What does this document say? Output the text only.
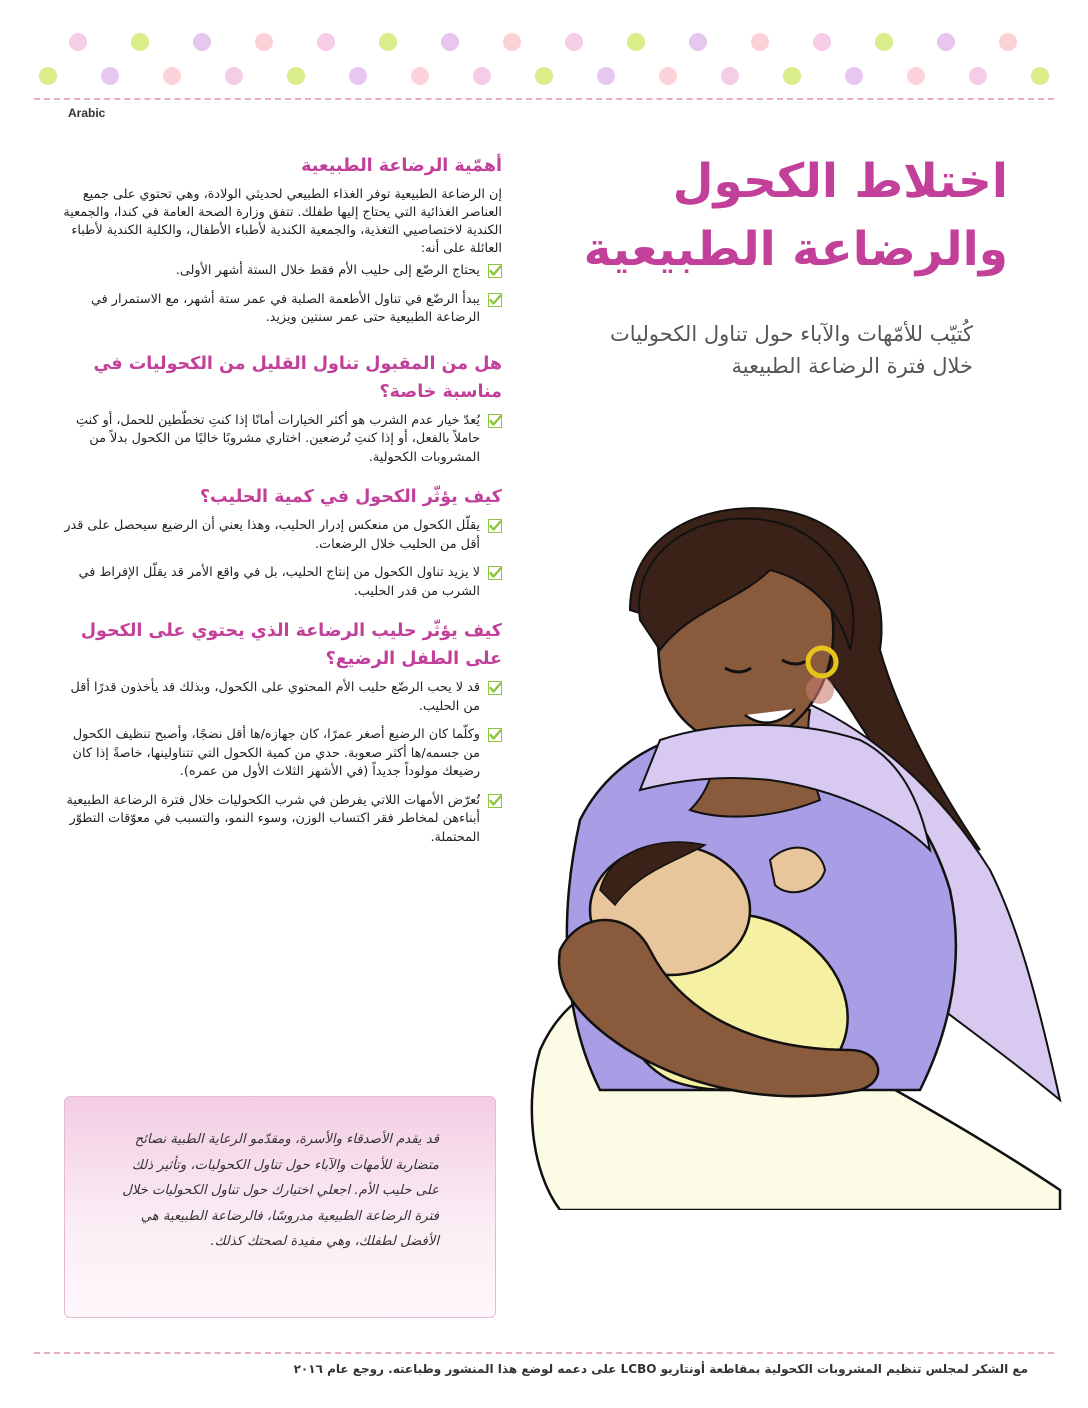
Arabic
اختلاط الكحول
والرضاعة الطبيعية
كُتيّب للأمّهات والآباء حول تناول الكحوليات
خلال فترة الرضاعة الطبيعية
أهمّية الرضاعة الطبيعية

إن الرضاعة الطبيعية توفر الغذاء الطبيعي لحديثي الولادة، وهي تحتوي على جميع العناصر الغذائية التي يحتاج إليها طفلك. تتفق وزارة الصحة العامة في كندا، والجمعية الكندية لاختصاصيي التغذية، والجمعية الكندية لأطباء الأطفال، والكلية الكندية لأطباء العائلة على أنه:

يحتاج الرضّع إلى حليب الأم فقط خلال الستة أشهر الأولى.
يبدأ الرضّع في تناول الأطعمة الصلبة في عمر ستة أشهر، مع الاستمرار في الرضاعة الطبيعية حتى عمر سنتين ويزيد.
هل من المقبول تناول القليل من الكحوليات في مناسبة خاصة؟
يُعدّ خيار عدم الشرب هو أكثر الخيارات أمانًا إذا كنتِ تخطّطين للحمل، أو كنتِ حاملاً بالفعل، أو إذا كنتِ تُرضعين. اختاري مشروبًا خاليًا من الكحول بدلاً من المشروبات الكحولية.
كيف يؤثّر الكحول في كمية الحليب؟
يقلّل الكحول من منعكس إدرار الحليب، وهذا يعني أن الرضيع سيحصل على قدر أقل من الحليب خلال الرضعات.
لا يزيد تناول الكحول من إنتاج الحليب، بل في واقع الأمر قد يقلّل الإفراط في الشرب من قدر الحليب.
كيف يؤثّر حليب الرضاعة الذي يحتوي على الكحول على الطفل الرضيع؟
قد لا يحب الرضّع حليب الأم المحتوي على الكحول، وبذلك قد يأخذون قدرًا أقل من الحليب.
وكلّما كان الرضيع أصغر عمرًا، كان جهازه/ها أقل نضجًا، وأصبح تنظيف الكحول من جسمه/ها أكثر صعوبة. حدي من كمية الكحول التي تتناولينها، خاصةً إذا كان رضيعك مولوداً جديداً (في الأشهر الثلاث الأول من عمره).
تُعرّض الأمهات اللاتي يفرطن في شرب الكحوليات خلال فترة الرضاعة الطبيعية أبناءهن لمخاطر فقر اكتساب الوزن، وسوء النمو، والتسبب في معوّقات التطوّر المحتملة.

قد يقدم الأصدقاء والأسرة، ومقدّمو الرعاية الطبية نصائح متضاربة للأمهات والآباء حول تناول الكحوليات، وتأثير ذلك على حليب الأم. اجعلي اختيارك حول تناول الكحوليات خلال فترة الرضاعة الطبيعية مدروسًا، فالرضاعة الطبيعية هي الأفضل لطفلك، وهي مفيدة لصحتك كذلك.

مع الشكر لمجلس تنظيم المشروبات الكحولية بمقاطعة أونتاريو LCBO على دعمه لوضع هذا المنشور وطباعته. روجع عام ٢٠١٦
